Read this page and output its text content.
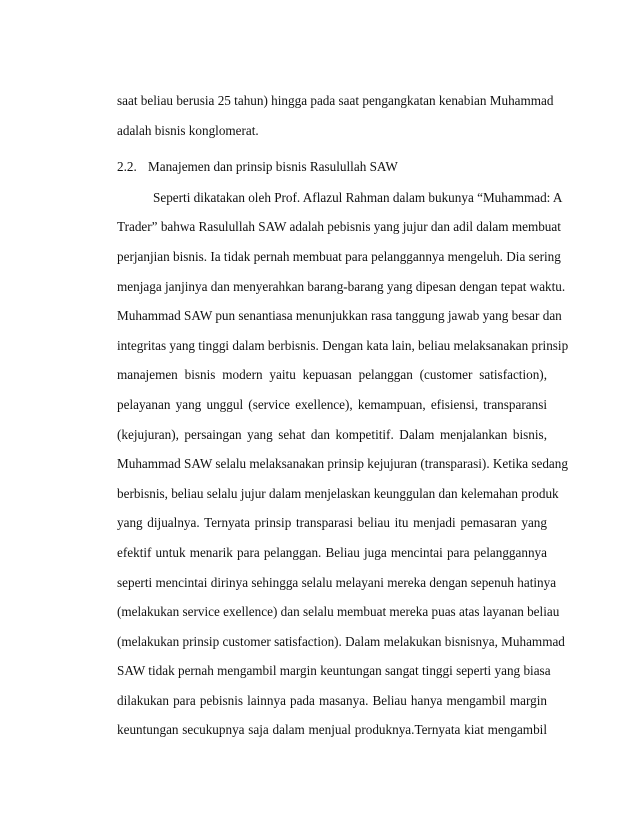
saat beliau berusia 25 tahun) hingga pada saat pengangkatan kenabian Muhammad
adalah bisnis konglomerat.

2.2. Manajemen dan prinsip bisnis Rasulullah SAW

Seperti dikatakan oleh Prof. Aflazul Rahman dalam bukunya “Muhammad: A
Trader” bahwa Rasulullah SAW adalah pebisnis yang jujur dan adil dalam membuat
perjanjian bisnis. Ia tidak pernah membuat para pelanggannya mengeluh. Dia sering
menjaga janjinya dan menyerahkan barang-barang yang dipesan dengan tepat waktu.
Muhammad SAW pun senantiasa menunjukkan rasa tanggung jawab yang besar dan
integritas yang tinggi dalam berbisnis. Dengan kata lain, beliau melaksanakan prinsip
manajemen bisnis modern yaitu kepuasan pelanggan (customer satisfaction),
pelayanan yang unggul (service exellence), kemampuan, efisiensi, transparansi
(kejujuran), persaingan yang sehat dan kompetitif. Dalam menjalankan bisnis,
Muhammad SAW selalu melaksanakan prinsip kejujuran (transparasi). Ketika sedang
berbisnis, beliau selalu jujur dalam menjelaskan keunggulan dan kelemahan produk
yang dijualnya. Ternyata prinsip transparasi beliau itu menjadi pemasaran yang
efektif untuk menarik para pelanggan. Beliau juga mencintai para pelanggannya
seperti mencintai dirinya sehingga selalu melayani mereka dengan sepenuh hatinya
(melakukan service exellence) dan selalu membuat mereka puas atas layanan beliau
(melakukan prinsip customer satisfaction). Dalam melakukan bisnisnya, Muhammad
SAW tidak pernah mengambil margin keuntungan sangat tinggi seperti yang biasa
dilakukan para pebisnis lainnya pada masanya. Beliau hanya mengambil margin
keuntungan secukupnya saja dalam menjual produknya.Ternyata kiat mengambil
